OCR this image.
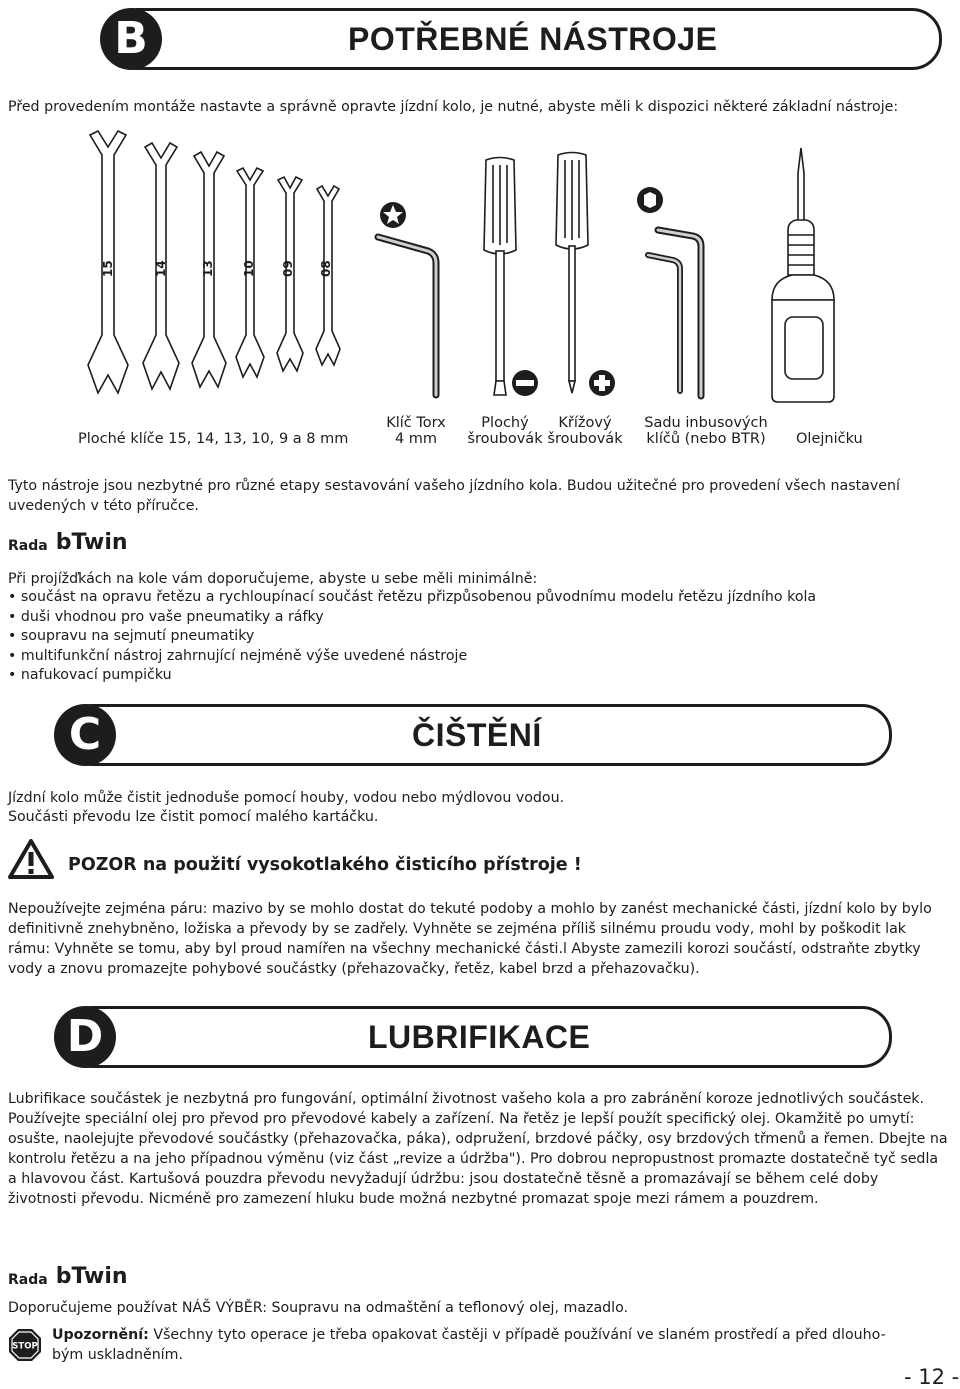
B	POTŘEBNÉ NÁSTROJE

Před provedením montáže nastavte a správně opravte jízdní kolo, je nutné, abyste měli k dispozici některé základní nástroje:

15	14	13 10 09 08
Ploché klíče 15, 14, 13, 10, 9 a 8 mm
Klíč Torx
4 mm
Plochý
šroubovák
Křížový
šroubovák
Sadu inbusových
klíčů (nebo BTR)	Olejničku

Tyto nástroje jsou nezbytné pro různé etapy sestavování vašeho jízdního kola. Budou užitečné pro provedení všech nastavení uvedených v této příručce.

Rada bTwin

Při projížďkách na kole vám doporučujeme, abyste u sebe měli minimálně:

• součást na opravu řetězu a rychloupínací součást řetězu přizpůsobenou původnímu modelu řetězu jízdního kola
• duši vhodnou pro vaše pneumatiky a ráfky
• soupravu na sejmutí pneumatiky
• multifunkční nástroj zahrnující nejméně výše uvedené nástroje
• nafukovací pumpičku
C	ČIŠTĚNÍ

Jízdní kolo může čistit jednoduše pomocí houby, vodou nebo mýdlovou vodou.

Součásti převodu lze čistit pomocí malého kartáčku.

POZOR na použití vysokotlakého čisticího přístroje !

Nepoužívejte zejména páru: mazivo by se mohlo dostat do tekuté podoby a mohlo by zanést mechanické části, jízdní kolo by bylo definitivně znehybněno, ložiska a převody by se zadřely. Vyhněte se zejména příliš silnému proudu vody, mohl by poškodit lak rámu: Vyhněte se tomu, aby byl proud namířen na všechny mechanické části.l Abyste zamezili korozi součástí, odstraňte zbytky vody a znovu promazejte pohybové součástky (přehazovačky, řetěz, kabel brzd a přehazovačku).

D	LUBRIFIKACE

Lubrifikace součástek je nezbytná pro fungování, optimální životnost vašeho kola a pro zabránění koroze jednotlivých součástek. Používejte speciální olej pro převod pro převodové kabely a zařízení. Na řetěz je lepší použít specifický olej. Okamžitě po umytí: osušte, naolejujte převodové součástky (přehazovačka, páka), odpružení, brzdové páčky, osy brzdových třmenů a řemen. Dbejte na kontrolu řetězu a na jeho případnou výměnu (viz část „revize a údržba"). Pro dobrou nepropustnost promazte dostatečně tyč sedla a hlavovou část. Kartušová pouzdra převodu nevyžadují údržbu: jsou dostatečně těsně a promazávají se během celé doby životnosti převodu. Nicméně pro zamezení hluku bude možná nezbytné promazat spoje mezi rámem a pouzdrem.

Rada bTwin

Doporučujeme používat NÁŠ VÝBĚR: Soupravu na odmaštění a teflonový olej, mazadlo.

STOP

Upozornění: Všechny tyto operace je třeba opakovat častěji v případě používání ve slaném prostředí a před dlouho-

bým uskladněním.

- 12 -
